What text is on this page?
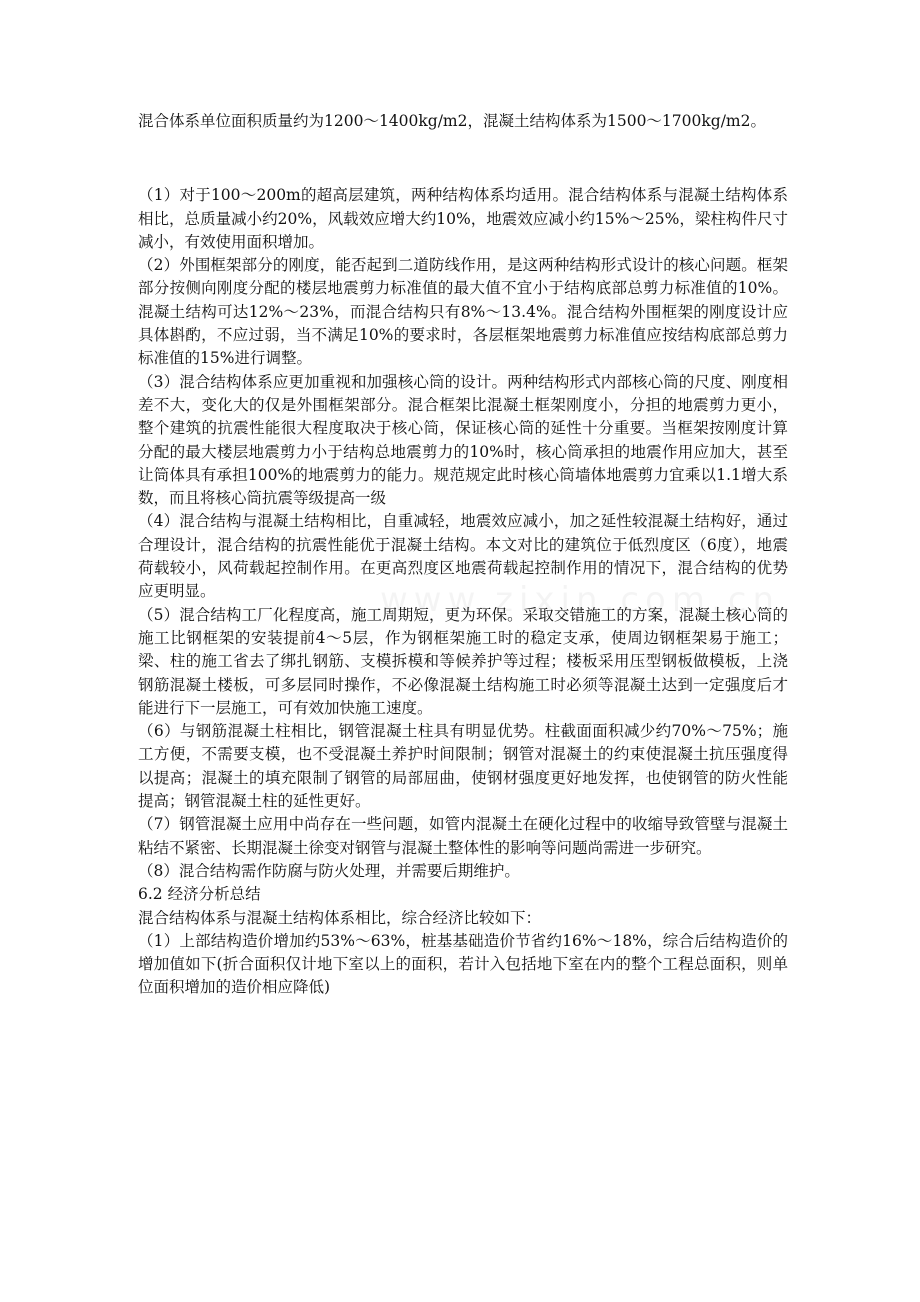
混合体系单位面积质量约为1200～1400kg/m2，混凝土结构体系为1500～1700kg/m2。

（1）对于100～200m的超高层建筑，两种结构体系均适用。混合结构体系与混凝土结构体系相比，总质量减小约20%，风载效应增大约10%，地震效应减小约15%～25%，梁柱构件尺寸减小，有效使用面积增加。

（2）外围框架部分的刚度，能否起到二道防线作用，是这两种结构形式设计的核心问题。框架部分按侧向刚度分配的楼层地震剪力标准值的最大值不宜小于结构底部总剪力标准值的10%。混凝土结构可达12%～23%，而混合结构只有8%～13.4%。混合结构外围框架的刚度设计应具体斟酌，不应过弱，当不满足10%的要求时，各层框架地震剪力标准值应按结构底部总剪力标准值的15%进行调整。

（3）混合结构体系应更加重视和加强核心筒的设计。两种结构形式内部核心筒的尺度、刚度相差不大，变化大的仅是外围框架部分。混合框架比混凝土框架刚度小，分担的地震剪力更小，整个建筑的抗震性能很大程度取决于核心筒，保证核心筒的延性十分重要。当框架按刚度计算分配的最大楼层地震剪力小于结构总地震剪力的10%时，核心筒承担的地震作用应加大，甚至让筒体具有承担100%的地震剪力的能力。规范规定此时核心筒墙体地震剪力宜乘以1.1增大系数，而且将核心筒抗震等级提高一级

（4）混合结构与混凝土结构相比，自重减轻，地震效应减小，加之延性较混凝土结构好，通过合理设计，混合结构的抗震性能优于混凝土结构。本文对比的建筑位于低烈度区（6度），地震荷载较小，风荷载起控制作用。在更高烈度区地震荷载起控制作用的情况下，混合结构的优势应更明显。

（5）混合结构工厂化程度高，施工周期短，更为环保。采取交错施工的方案，混凝土核心筒的施工比钢框架的安装提前4～5层，作为钢框架施工时的稳定支承，使周边钢框架易于施工；梁、柱的施工省去了绑扎钢筋、支模拆模和等候养护等过程；楼板采用压型钢板做模板，上浇钢筋混凝土楼板，可多层同时操作，不必像混凝土结构施工时必须等混凝土达到一定强度后才能进行下一层施工，可有效加快施工速度。

（6）与钢筋混凝土柱相比，钢管混凝土柱具有明显优势。柱截面面积减少约70%～75%；施工方便，不需要支模，也不受混凝土养护时间限制；钢管对混凝土的约束使混凝土抗压强度得以提高；混凝土的填充限制了钢管的局部屈曲，使钢材强度更好地发挥，也使钢管的防火性能提高；钢管混凝土柱的延性更好。

（7）钢管混凝土应用中尚存在一些问题，如管内混凝土在硬化过程中的收缩导致管壁与混凝土粘结不紧密、长期混凝土徐变对钢管与混凝土整体性的影响等问题尚需进一步研究。

（8）混合结构需作防腐与防火处理，并需要后期维护。

6.2 经济分析总结

混合结构体系与混凝土结构体系相比，综合经济比较如下：

（1）上部结构造价增加约53%～63%，桩基基础造价节省约16%～18%，综合后结构造价的增加值如下(折合面积仅计地下室以上的面积，若计入包括地下室在内的整个工程总面积，则单位面积增加的造价相应降低)
